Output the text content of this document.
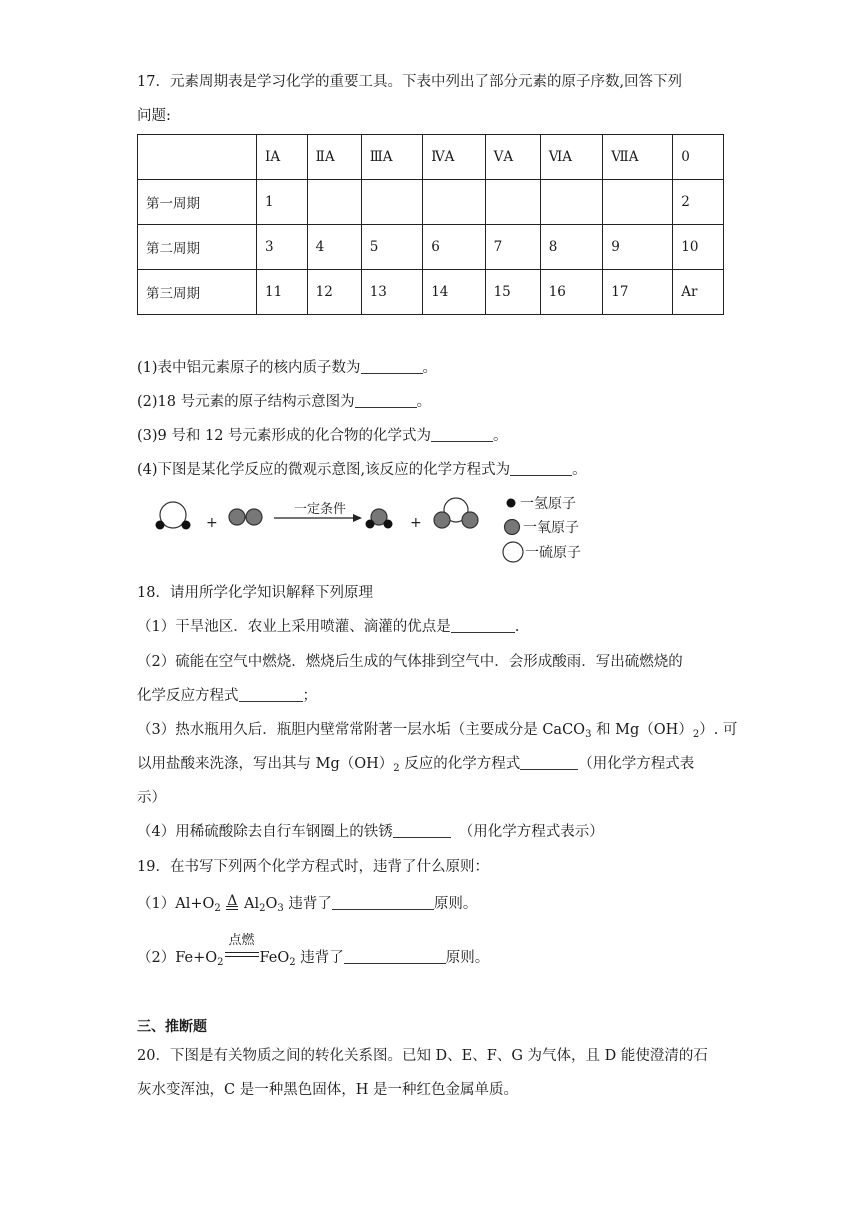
17．元素周期表是学习化学的重要工具。下表中列出了部分元素的原子序数,回答下列
问题:
	ⅠA	ⅡA	ⅢA	ⅣA	ⅤA	ⅥA	ⅦA	0
第一周期	1							2
第二周期	3	4	5	6	7	8	9	10
第三周期	11	12	13	14	15	16	17	Ar
(1)表中铝元素原子的核内质子数为	。
(2)18 号元素的原子结构示意图为	。
(3)9 号和 12 号元素形成的化合物的化学式为	。
(4)下图是某化学反应的微观示意图,该反应的化学方程式为	。
+
一定条件
+
一氢原子
一氧原子
一硫原子
18．请用所学化学知识解释下列原理
（1）干旱池区．农业上采用喷灌、滴灌的优点是	.
（2）硫能在空气中燃烧．燃烧后生成的气体排到空气中．会形成酸雨．写出硫燃烧的
化学反应方程式	；
（3）热水瓶用久后．瓶胆内壁常常附著一层水垢（主要成分是 CaCO$_3$ 和 $Mg(OH)_2$）. 可
以用盐酸来洗涤，写出其与 $Mg(OH)_2$ 反应的化学方程式	（用化学方程式表
示）
（4）用稀硫酸除去自行车钢圈上的铁锈	（用化学方程式表示）
19．在书写下列两个化学方程式时，违背了什么原则：
$(1)Al+O_2$ Δ $Al_2O_3$ 违背了	原则。
$(2)Fe+O_2$
点燃
FeO$_2$ 违背了	原则。
三、推断题
20．下图是有关物质之间的转化关系图。已知 D、E、F、G 为气体，且 D 能使澄清的石
灰水变浑浊，C 是一种黑色固体，H 是一种红色金属单质。
